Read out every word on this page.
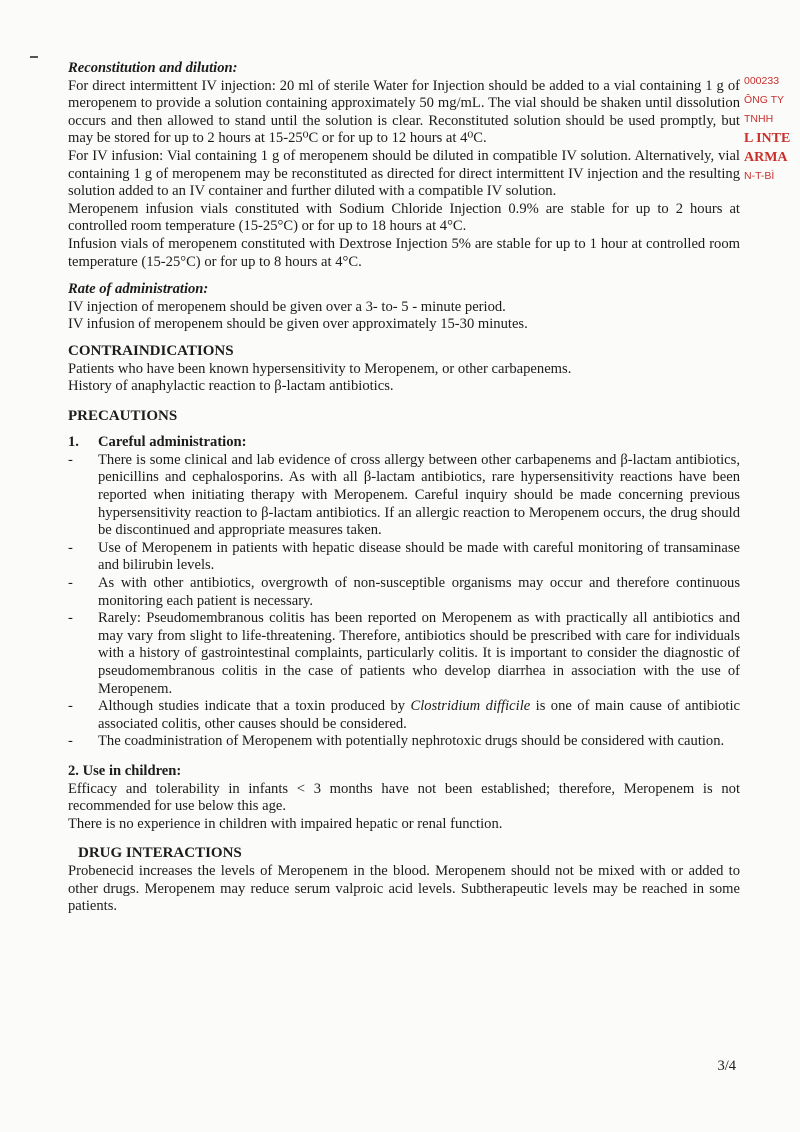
Reconstitution and dilution:

For direct intermittent IV injection: 20 ml of sterile Water for Injection should be added to a vial containing 1 g of meropenem to provide a solution containing approximately 50 mg/mL. The vial should be shaken until dissolution occurs and then allowed to stand until the solution is clear. Reconstituted solution should be used promptly, but may be stored for up to 2 hours at 15-25⁰C or for up to 12 hours at 4⁰C.

For IV infusion: Vial containing 1 g of meropenem should be diluted in compatible IV solution. Alternatively, vial containing 1 g of meropenem may be reconstituted as directed for direct intermittent IV injection and the resulting solution added to an IV container and further diluted with a compatible IV solution.

Meropenem infusion vials constituted with Sodium Chloride Injection 0.9% are stable for up to 2 hours at controlled room temperature (15-25°C) or for up to 18 hours at 4°C.

Infusion vials of meropenem constituted with Dextrose Injection 5% are stable for up to 1 hour at controlled room temperature (15-25°C) or for up to 8 hours at 4°C.

Rate of administration:

IV injection of meropenem should be given over a 3- to- 5 - minute period.

IV infusion of meropenem should be given over approximately 15-30 minutes.

CONTRAINDICATIONS

Patients who have been known hypersensitivity to Meropenem, or other carbapenems.

History of anaphylactic reaction to β-lactam antibiotics.

PRECAUTIONS

1.	Careful administration:
- There is some clinical and lab evidence of cross allergy between other carbapenems and β-lactam antibiotics, penicillins and cephalosporins. As with all β-lactam antibiotics, rare hypersensitivity reactions have been reported when initiating therapy with Meropenem. Careful inquiry should be made concerning previous hypersensitivity reaction to β-lactam antibiotics. If an allergic reaction to Meropenem occurs, the drug should be discontinued and appropriate measures taken.
- Use of Meropenem in patients with hepatic disease should be made with careful monitoring of transaminase and bilirubin levels.
- As with other antibiotics, overgrowth of non-susceptible organisms may occur and therefore continuous monitoring each patient is necessary.
- Rarely: Pseudomembranous colitis has been reported on Meropenem as with practically all antibiotics and may vary from slight to life-threatening. Therefore, antibiotics should be prescribed with care for individuals with a history of gastrointestinal complaints, particularly colitis. It is important to consider the diagnostic of pseudomembranous colitis in the case of patients who develop diarrhea in association with the use of Meropenem.
- Although studies indicate that a toxin produced by Clostridium difficile is one of main cause of antibiotic associated colitis, other causes should be considered.
- The coadministration of Meropenem with potentially nephrotoxic drugs should be considered with caution.

2. Use in children:

Efficacy and tolerability in infants < 3 months have not been established; therefore, Meropenem is not recommended for use below this age.

There is no experience in children with impaired hepatic or renal function.

DRUG INTERACTIONS

Probenecid increases the levels of Meropenem in the blood. Meropenem should not be mixed with or added to other drugs. Meropenem may reduce serum valproic acid levels. Subtherapeutic levels may be reached in some patients.

000233
ÔNG TY
TNHH
L INTE
ARMA
N-T-BÌ
3/4
